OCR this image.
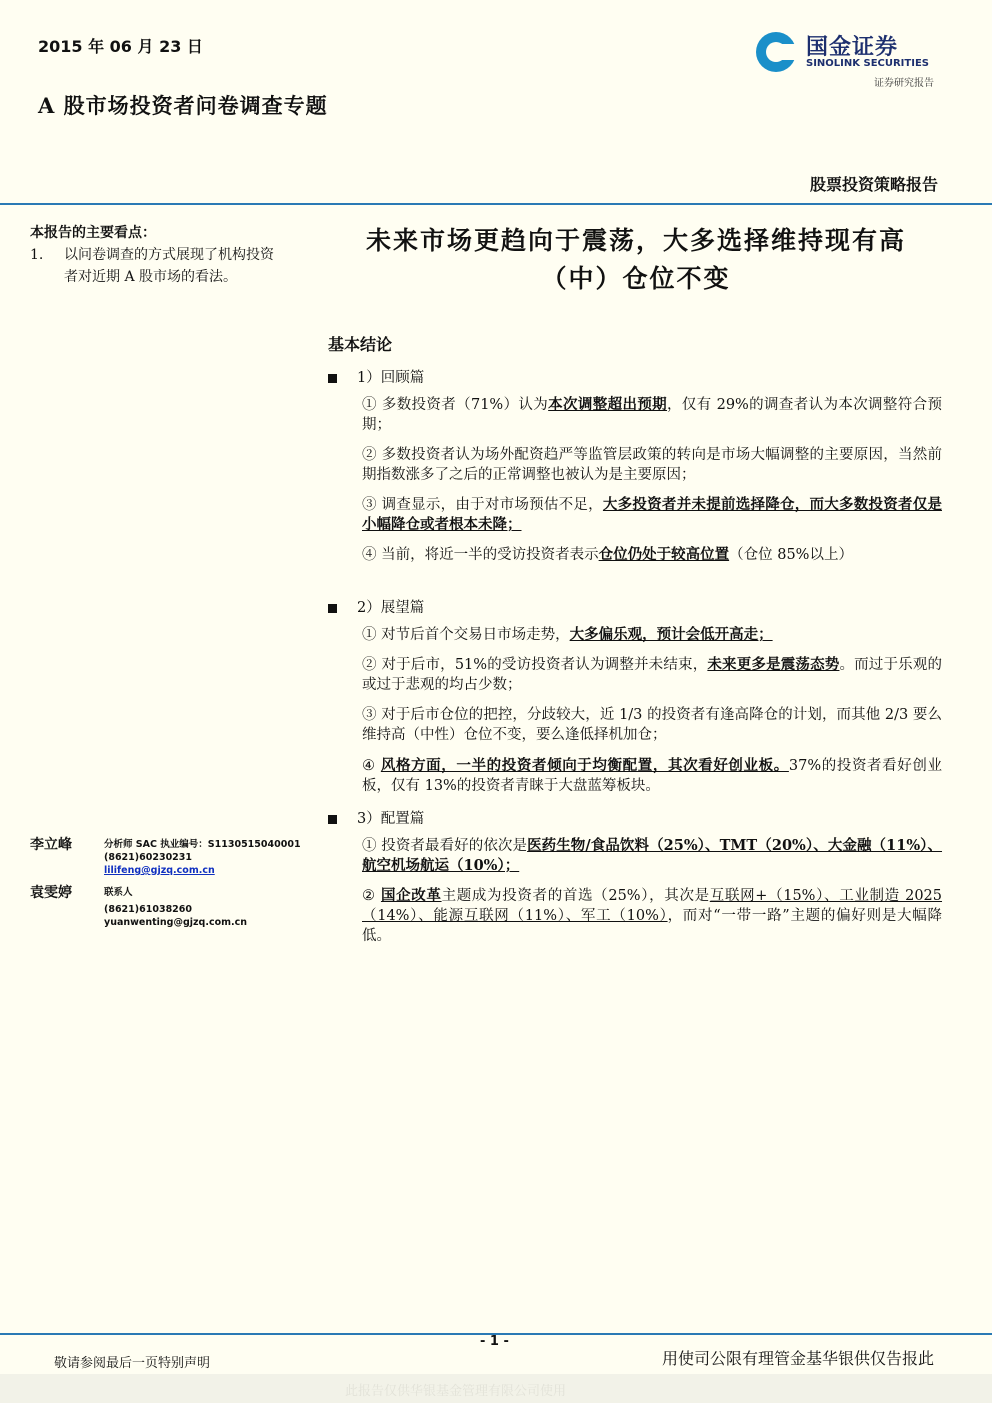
2015 年 06 月 23 日
A 股市场投资者问卷调查专题
国金证券
SINOLINK SECURITIES
证券研究报告
股票投资策略报告
本报告的主要看点：
1. 以问卷调查的方式展现了机构投资者对近期 A 股市场的看法。
未来市场更趋向于震荡，大多选择维持现有高
（中）仓位不变
基本结论
1）回顾篇
① 多数投资者（71%）认为本次调整超出预期，仅有 29%的调查者认为本次调整符合预期；
② 多数投资者认为场外配资趋严等监管层政策的转向是市场大幅调整的主要原因，当然前期指数涨多了之后的正常调整也被认为是主要原因；
③ 调查显示，由于对市场预估不足，大多投资者并未提前选择降仓，而大多数投资者仅是小幅降仓或者根本未降；
④ 当前，将近一半的受访投资者表示仓位仍处于较高位置（仓位 85%以上）
2）展望篇
① 对节后首个交易日市场走势，大多偏乐观，预计会低开高走；
② 对于后市，51%的受访投资者认为调整并未结束，未来更多是震荡态势。而过于乐观的或过于悲观的均占少数；
③ 对于后市仓位的把控，分歧较大，近 1/3 的投资者有逢高降仓的计划，而其他 2/3 要么维持高（中性）仓位不变，要么逢低择机加仓；
④ 风格方面，一半的投资者倾向于均衡配置，其次看好创业板。37%的投资者看好创业板，仅有 13%的投资者青睐于大盘蓝筹板块。
3）配置篇
① 投资者最看好的依次是医药生物/食品饮料（25%）、TMT（20%）、大金融（11%）、航空机场航运（10%）；
② 国企改革主题成为投资者的首选（25%），其次是互联网+（15%）、工业制造 2025（14%）、能源互联网（11%）、军工（10%），而对“一带一路”主题的偏好则是大幅降低。
李立峰	分析师 SAC 执业编号：S1130515040001
(8621)60230231
lilifeng@gjzq.com.cn
袁雯婷	联系人
(8621)61038260
yuanwenting@gjzq.com.cn
- 1 -
敬请参阅最后一页特别声明	用使司公限有理管金基华银供仅告报此
此报告仅供华银基金管理有限公司使用
